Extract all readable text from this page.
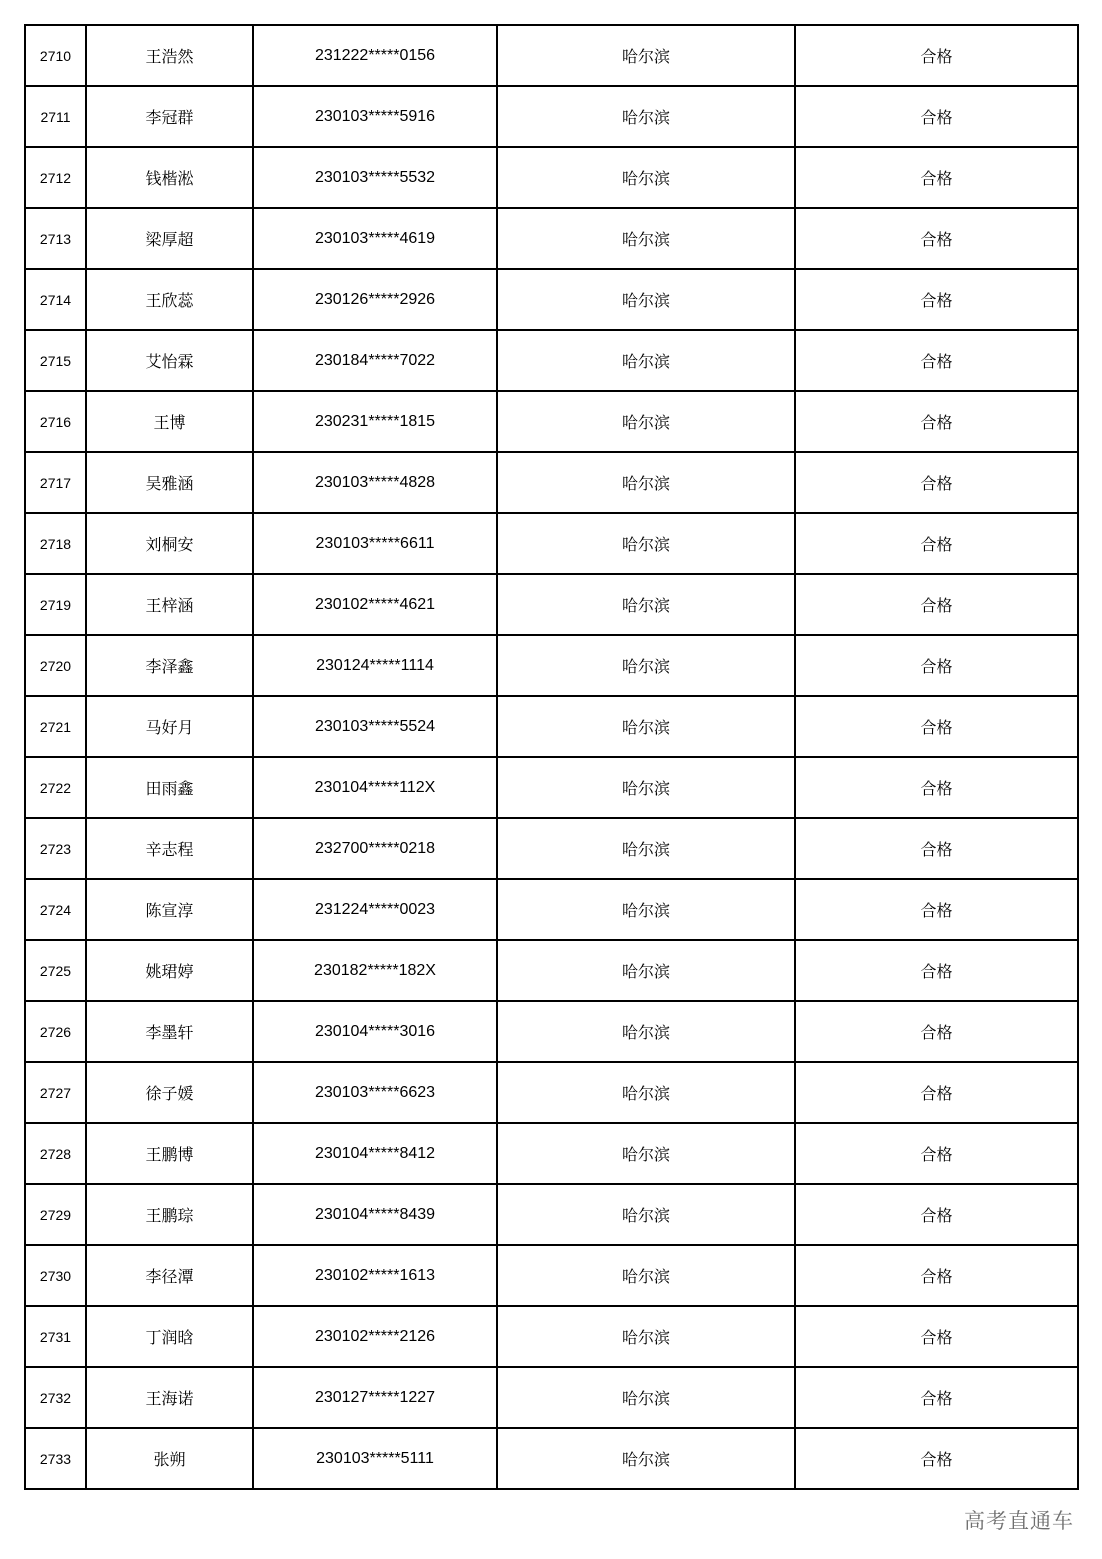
2710	王浩然	231222*****0156	哈尔滨	合格
2711	李冠群	230103*****5916	哈尔滨	合格
2712	钱楷淞	230103*****5532	哈尔滨	合格
2713	梁厚超	230103*****4619	哈尔滨	合格
2714	王欣蕊	230126*****2926	哈尔滨	合格
2715	艾怡霖	230184*****7022	哈尔滨	合格
2716	王博	230231*****1815	哈尔滨	合格
2717	吴雅涵	230103*****4828	哈尔滨	合格
2718	刘桐安	230103*****6611	哈尔滨	合格
2719	王梓涵	230102*****4621	哈尔滨	合格
2720	李泽鑫	230124*****1114	哈尔滨	合格
2721	马好月	230103*****5524	哈尔滨	合格
2722	田雨鑫	230104*****112X	哈尔滨	合格
2723	辛志程	232700*****0218	哈尔滨	合格
2724	陈宣淳	231224*****0023	哈尔滨	合格
2725	姚珺婷	230182*****182X	哈尔滨	合格
2726	李墨轩	230104*****3016	哈尔滨	合格
2727	徐子媛	230103*****6623	哈尔滨	合格
2728	王鹏博	230104*****8412	哈尔滨	合格
2729	王鹏琮	230104*****8439	哈尔滨	合格
2730	李径潭	230102*****1613	哈尔滨	合格
2731	丁润晗	230102*****2126	哈尔滨	合格
2732	王海诺	230127*****1227	哈尔滨	合格
2733	张朔	230103*****5111	哈尔滨	合格
高考直通车
